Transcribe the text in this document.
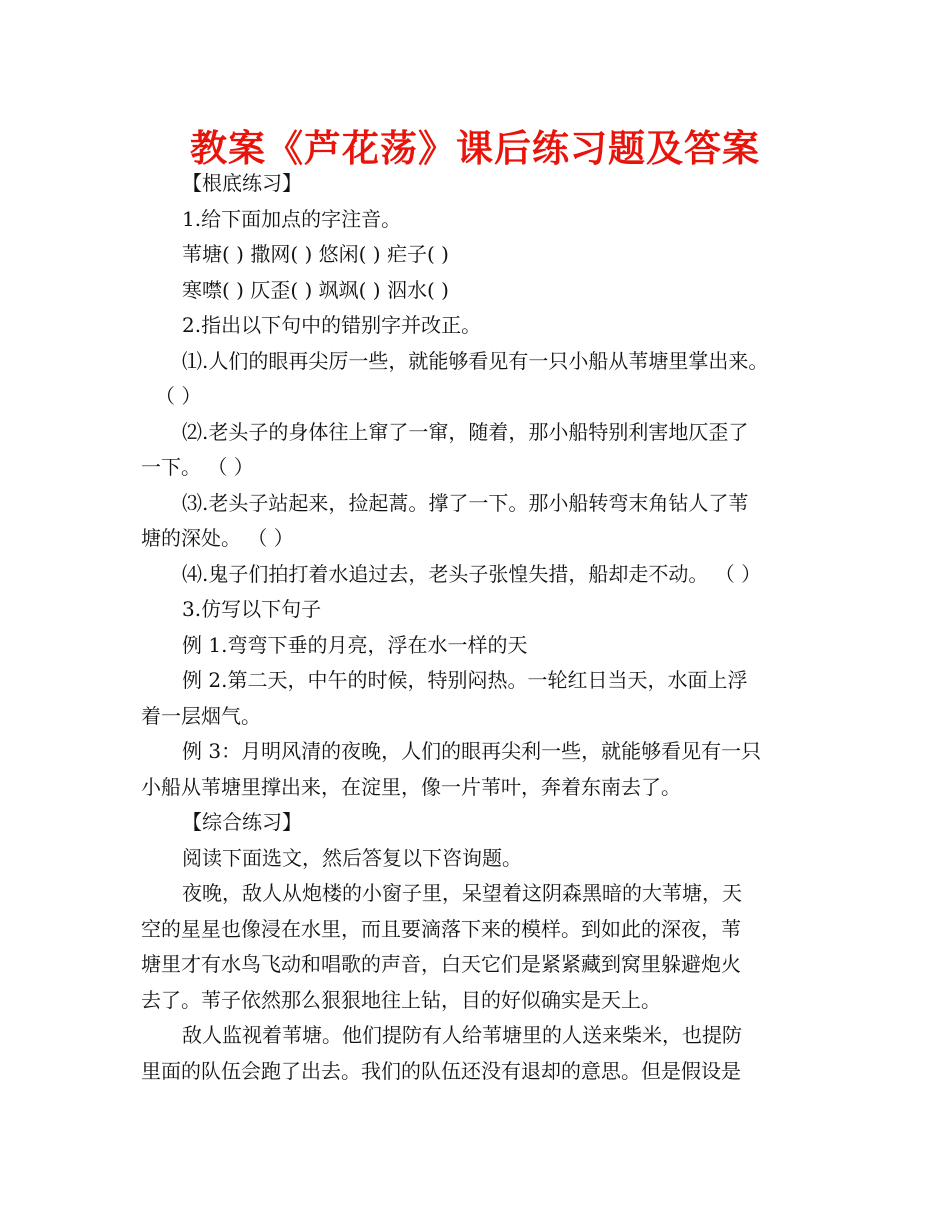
教案《芦花荡》课后练习题及答案

【根底练习】

1.给下面加点的字注音。

苇塘( ) 撒网( ) 悠闲( ) 疟子( )

寒噤( ) 仄歪( ) 飒飒( ) 泅水( )

2.指出以下句中的错别字并改正。

⑴.人们的眼再尖厉一些，就能够看见有一只小船从苇塘里掌出来。

（ ）

⑵.老头子的身体往上窜了一窜，随着，那小船特别利害地仄歪了

一下。 （ ）

⑶.老头子站起来，捡起蒿。撑了一下。那小船转弯末角钻人了苇

塘的深处。 （ ）

⑷.鬼子们拍打着水追过去，老头子张惶失措，船却走不动。 （ ）

3.仿写以下句子

例 1.弯弯下垂的月亮，浮在水一样的天

例 2.第二天，中午的时候，特别闷热。一轮红日当天，水面上浮

着一层烟气。

例 3：月明风清的夜晚，人们的眼再尖利一些，就能够看见有一只

小船从苇塘里撑出来，在淀里，像一片苇叶，奔着东南去了。

【综合练习】

阅读下面选文，然后答复以下咨询题。

夜晚，敌人从炮楼的小窗子里，呆望着这阴森黑暗的大苇塘，天

空的星星也像浸在水里，而且要滴落下来的模样。到如此的深夜，苇

塘里才有水鸟飞动和唱歌的声音，白天它们是紧紧藏到窝里躲避炮火

去了。苇子依然那么狠狠地往上钻，目的好似确实是天上。

敌人监视着苇塘。他们提防有人给苇塘里的人送来柴米，也提防

里面的队伍会跑了出去。我们的队伍还没有退却的意思。但是假设是
